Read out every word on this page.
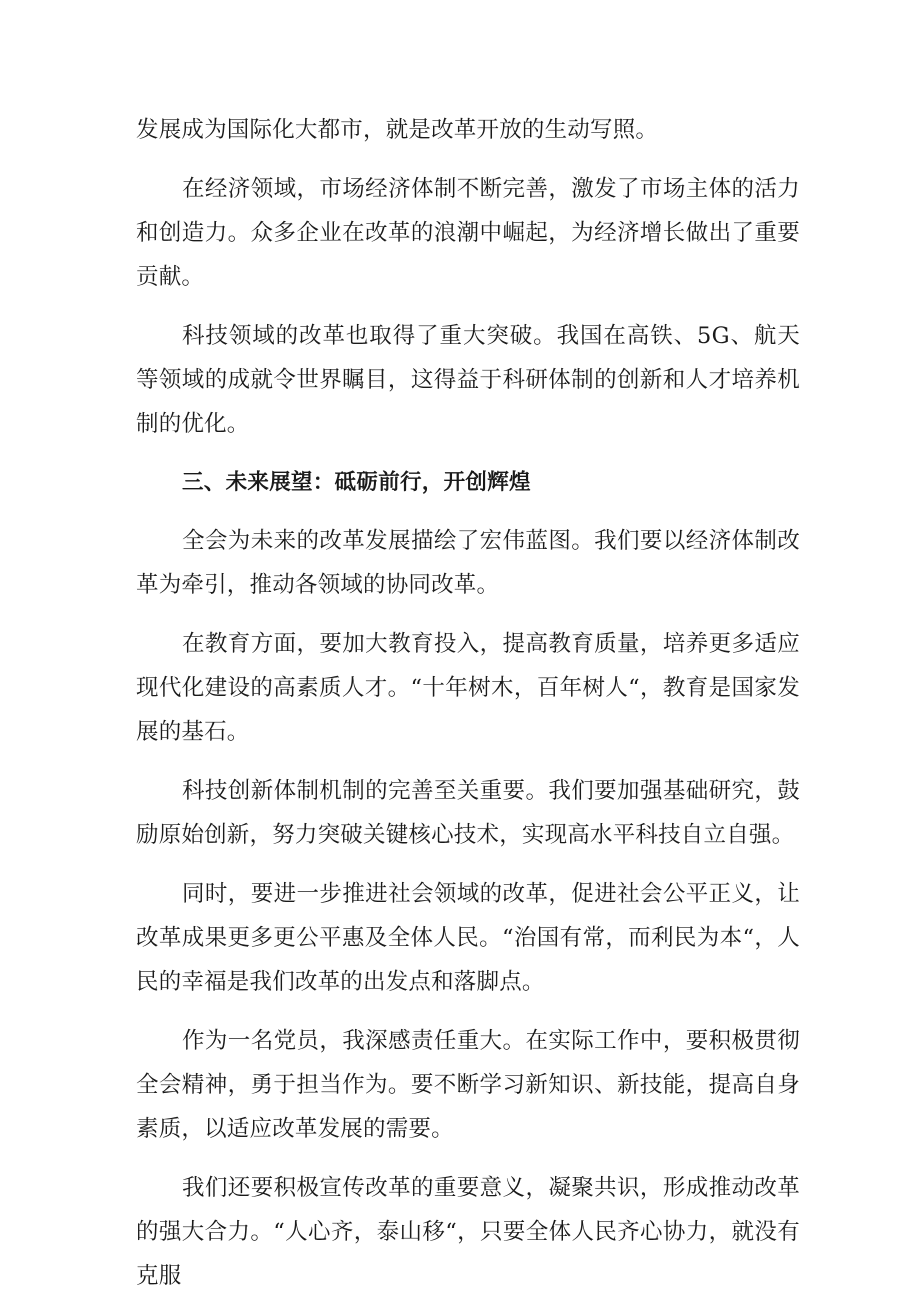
发展成为国际化大都市，就是改革开放的生动写照。

在经济领域，市场经济体制不断完善，激发了市场主体的活力和创造力。众多企业在改革的浪潮中崛起，为经济增长做出了重要贡献。

科技领域的改革也取得了重大突破。我国在高铁、5G、航天等领域的成就令世界瞩目，这得益于科研体制的创新和人才培养机制的优化。

三、未来展望：砥砺前行，开创辉煌

全会为未来的改革发展描绘了宏伟蓝图。我们要以经济体制改革为牵引，推动各领域的协同改革。

在教育方面，要加大教育投入，提高教育质量，培养更多适应现代化建设的高素质人才。“十年树木，百年树人“，教育是国家发展的基石。

科技创新体制机制的完善至关重要。我们要加强基础研究，鼓励原始创新，努力突破关键核心技术，实现高水平科技自立自强。

同时，要进一步推进社会领域的改革，促进社会公平正义，让改革成果更多更公平惠及全体人民。“治国有常，而利民为本“，人民的幸福是我们改革的出发点和落脚点。

作为一名党员，我深感责任重大。在实际工作中，要积极贯彻全会精神，勇于担当作为。要不断学习新知识、新技能，提高自身素质，以适应改革发展的需要。

我们还要积极宣传改革的重要意义，凝聚共识，形成推动改革的强大合力。“人心齐，泰山移“，只要全体人民齐心协力，就没有克服
